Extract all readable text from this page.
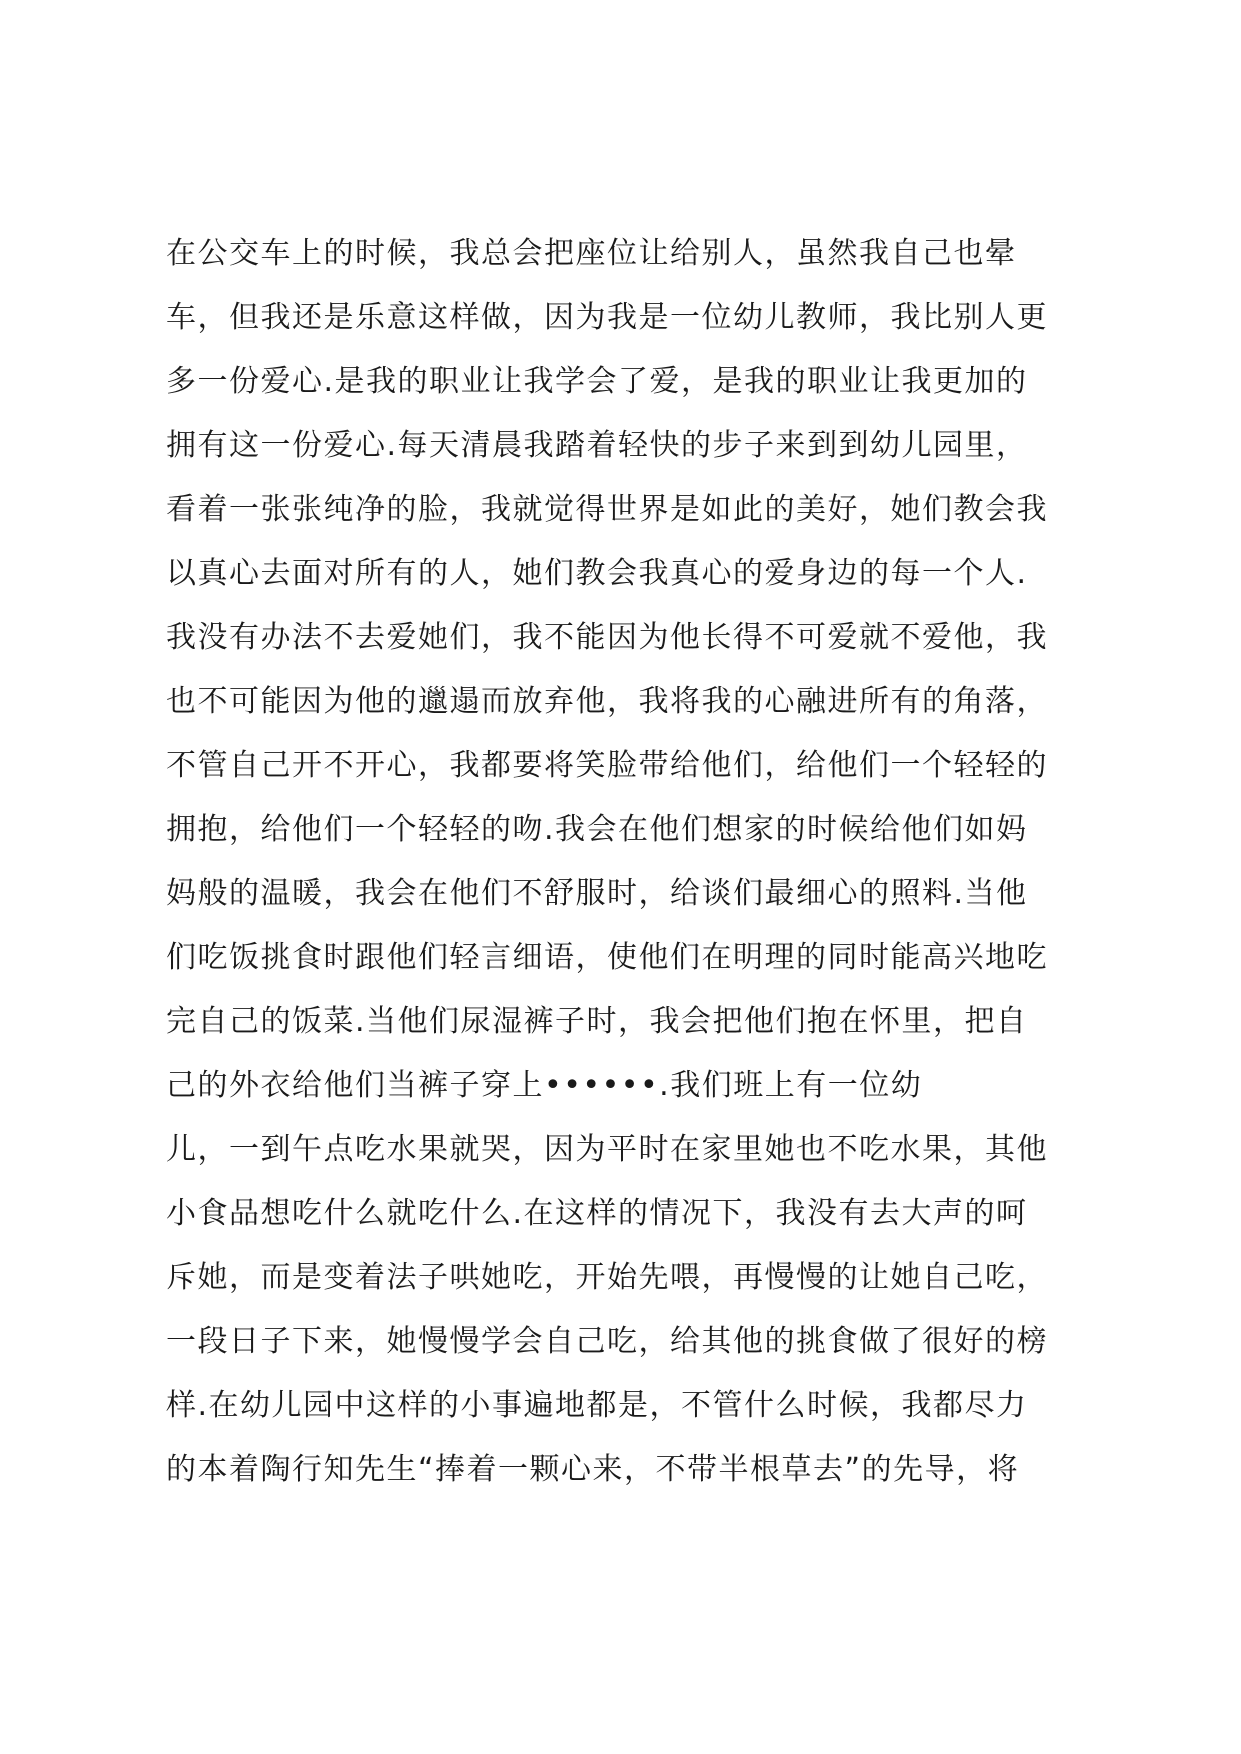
在公交车上的时候，我总会把座位让给别人，虽然我自己也晕
车，但我还是乐意这样做，因为我是一位幼儿教师，我比别人更
多一份爱心.是我的职业让我学会了爱，是我的职业让我更加的
拥有这一份爱心.每天清晨我踏着轻快的步子来到到幼儿园里，
看着一张张纯净的脸，我就觉得世界是如此的美好，她们教会我
以真心去面对所有的人，她们教会我真心的爱身边的每一个人.
我没有办法不去爱她们，我不能因为他长得不可爱就不爱他，我
也不可能因为他的邋遢而放弃他，我将我的心融进所有的角落，
不管自己开不开心，我都要将笑脸带给他们，给他们一个轻轻的
拥抱，给他们一个轻轻的吻.我会在他们想家的时候给他们如妈
妈般的温暖，我会在他们不舒服时，给谈们最细心的照料.当他
们吃饭挑食时跟他们轻言细语，使他们在明理的同时能高兴地吃
完自己的饭菜.当他们尿湿裤子时，我会把他们抱在怀里，把自
己的外衣给他们当裤子穿上••••••.我们班上有一位幼
儿，一到午点吃水果就哭，因为平时在家里她也不吃水果，其他
小食品想吃什么就吃什么.在这样的情况下，我没有去大声的呵
斥她，而是变着法子哄她吃，开始先喂，再慢慢的让她自己吃，
一段日子下来，她慢慢学会自己吃，给其他的挑食做了很好的榜
样.在幼儿园中这样的小事遍地都是，不管什么时候，我都尽力
的本着陶行知先生“捧着一颗心来，不带半根草去”的先导，将
